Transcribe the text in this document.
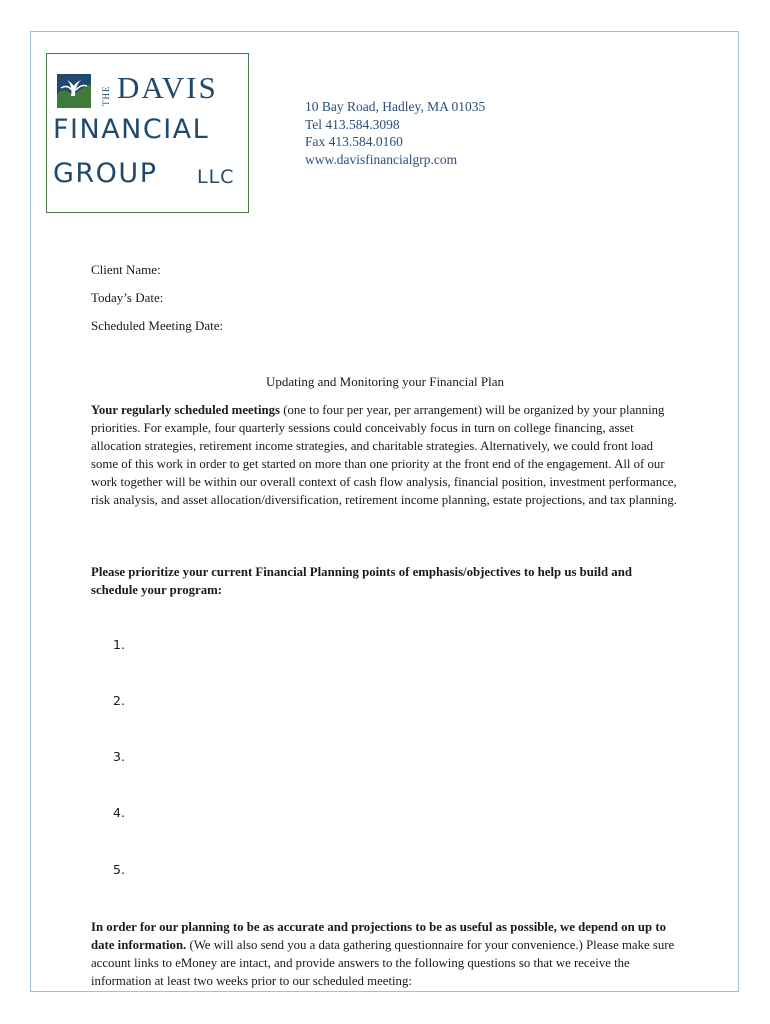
THE DAVIS
FINANCIAL
GROUP LLC
10 Bay Road, Hadley, MA 01035
Tel 413.584.3098
Fax 413.584.0160
www.davisfinancialgrp.com
Client Name:
Today’s Date:
Scheduled Meeting Date:
Updating and Monitoring your Financial Plan
Your regularly scheduled meetings (one to four per year, per arrangement) will be organized by your planning priorities. For example, four quarterly sessions could conceivably focus in turn on college financing, asset allocation strategies, retirement income strategies, and charitable strategies. Alternatively, we could front load some of this work in order to get started on more than one priority at the front end of the engagement. All of our work together will be within our overall context of cash flow analysis, financial position, investment performance, risk analysis, and asset allocation/diversification, retirement income planning, estate projections, and tax planning.
Please prioritize your current Financial Planning points of emphasis/objectives to help us build and schedule your program:
1.
2.
3.
4.
5.
In order for our planning to be as accurate and projections to be as useful as possible, we depend on up to date information. (We will also send you a data gathering questionnaire for your convenience.) Please make sure account links to eMoney are intact, and provide answers to the following questions so that we receive the information at least two weeks prior to our scheduled meeting:
